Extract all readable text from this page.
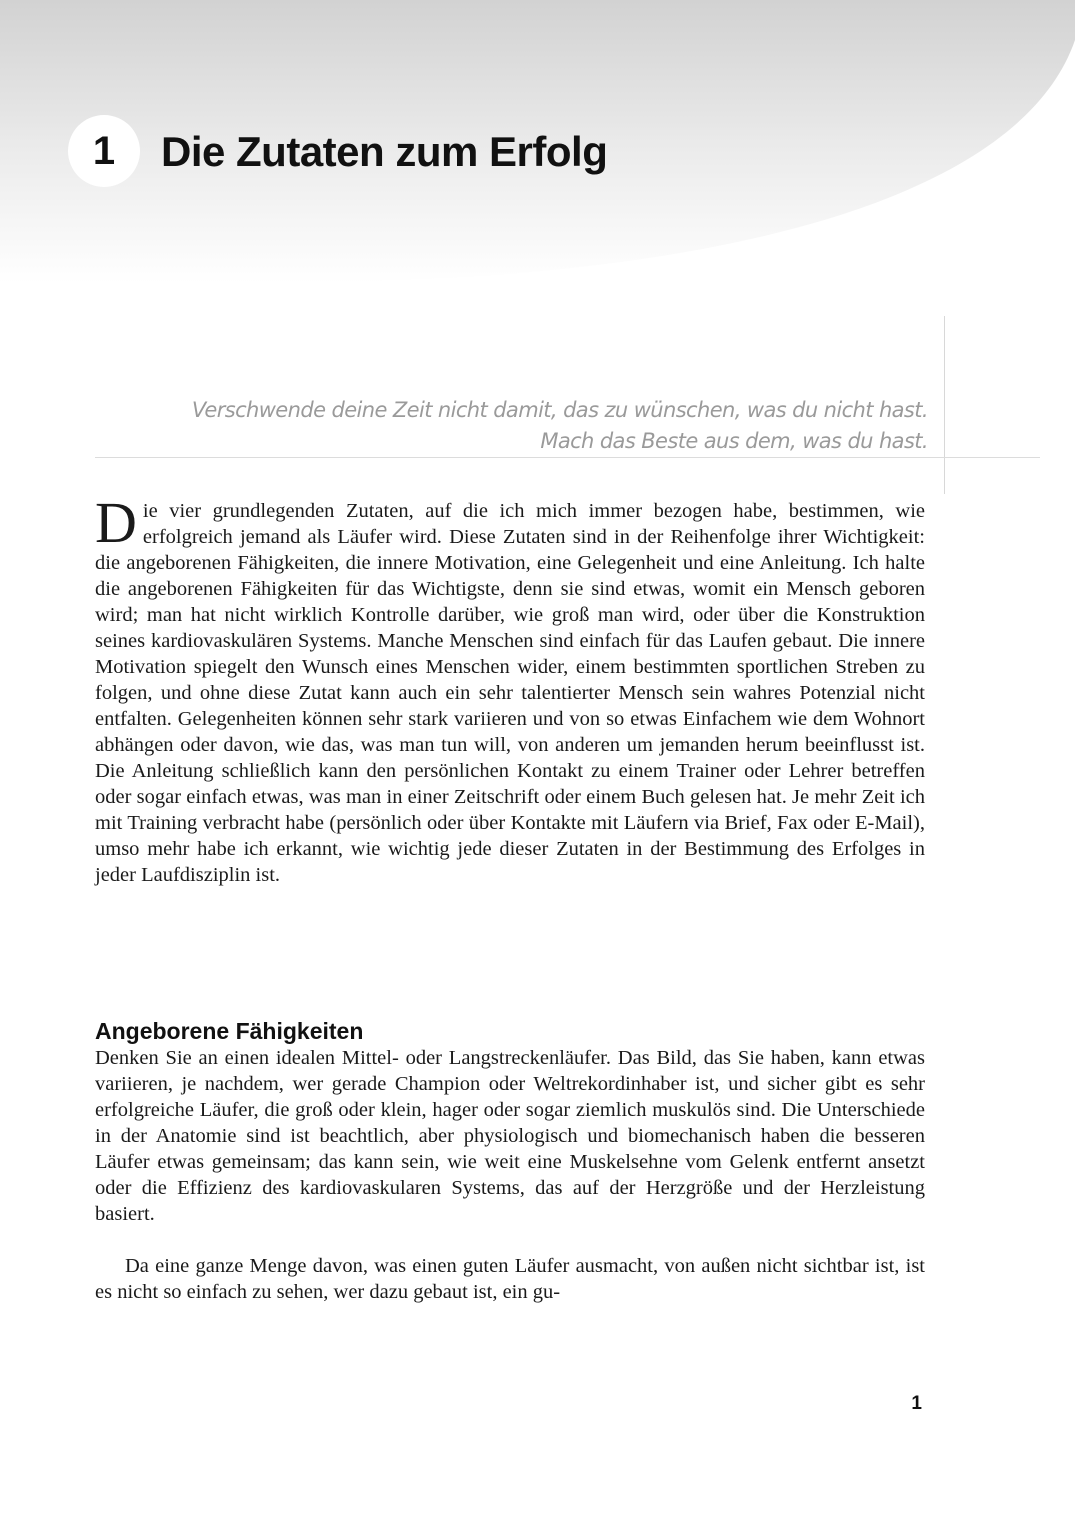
1 Die Zutaten zum Erfolg
Verschwende deine Zeit nicht damit, das zu wünschen, was du nicht hast.
Mach das Beste aus dem, was du hast.

Die vier grundlegenden Zutaten, auf die ich mich immer bezogen habe, bestimmen, wie erfolgreich jemand als Läufer wird. Diese Zutaten sind in der Reihenfolge ihrer Wichtigkeit: die angeborenen Fähigkeiten, die innere Motivation, eine Gelegenheit und eine Anleitung. Ich halte die angeborenen Fähigkeiten für das Wichtigste, denn sie sind etwas, womit ein Mensch geboren wird; man hat nicht wirklich Kontrolle darüber, wie groß man wird, oder über die Konstruktion seines kardiovaskulären Systems. Manche Menschen sind einfach für das Laufen gebaut. Die innere Motivation spiegelt den Wunsch eines Menschen wider, einem bestimmten sportlichen Streben zu folgen, und ohne diese Zutat kann auch ein sehr talentierter Mensch sein wahres Potenzial nicht entfalten. Gelegenheiten können sehr stark variieren und von so etwas Einfachem wie dem Wohnort abhängen oder davon, wie das, was man tun will, von anderen um jemanden herum beeinflusst ist. Die Anleitung schließlich kann den persönlichen Kontakt zu einem Trainer oder Lehrer betreffen oder sogar einfach etwas, was man in einer Zeitschrift oder einem Buch gelesen hat. Je mehr Zeit ich mit Training verbracht habe (persönlich oder über Kontakte mit Läufern via Brief, Fax oder E-Mail), umso mehr habe ich erkannt, wie wichtig jede dieser Zutaten in der Bestimmung des Erfolges in jeder Laufdisziplin ist.

Angeborene Fähigkeiten

Denken Sie an einen idealen Mittel- oder Langstreckenläufer. Das Bild, das Sie haben, kann etwas variieren, je nachdem, wer gerade Champion oder Weltrekordinhaber ist, und sicher gibt es sehr erfolgreiche Läufer, die groß oder klein, hager oder sogar ziemlich muskulös sind. Die Unterschiede in der Anatomie sind ist beachtlich, aber physiologisch und biomechanisch haben die besseren Läufer etwas gemeinsam; das kann sein, wie weit eine Muskelsehne vom Gelenk entfernt ansetzt oder die Effizienz des kardiovaskularen Systems, das auf der Herzgröße und der Herzleistung basiert.

Da eine ganze Menge davon, was einen guten Läufer ausmacht, von außen nicht sichtbar ist, ist es nicht so einfach zu sehen, wer dazu gebaut ist, ein gu-

1
